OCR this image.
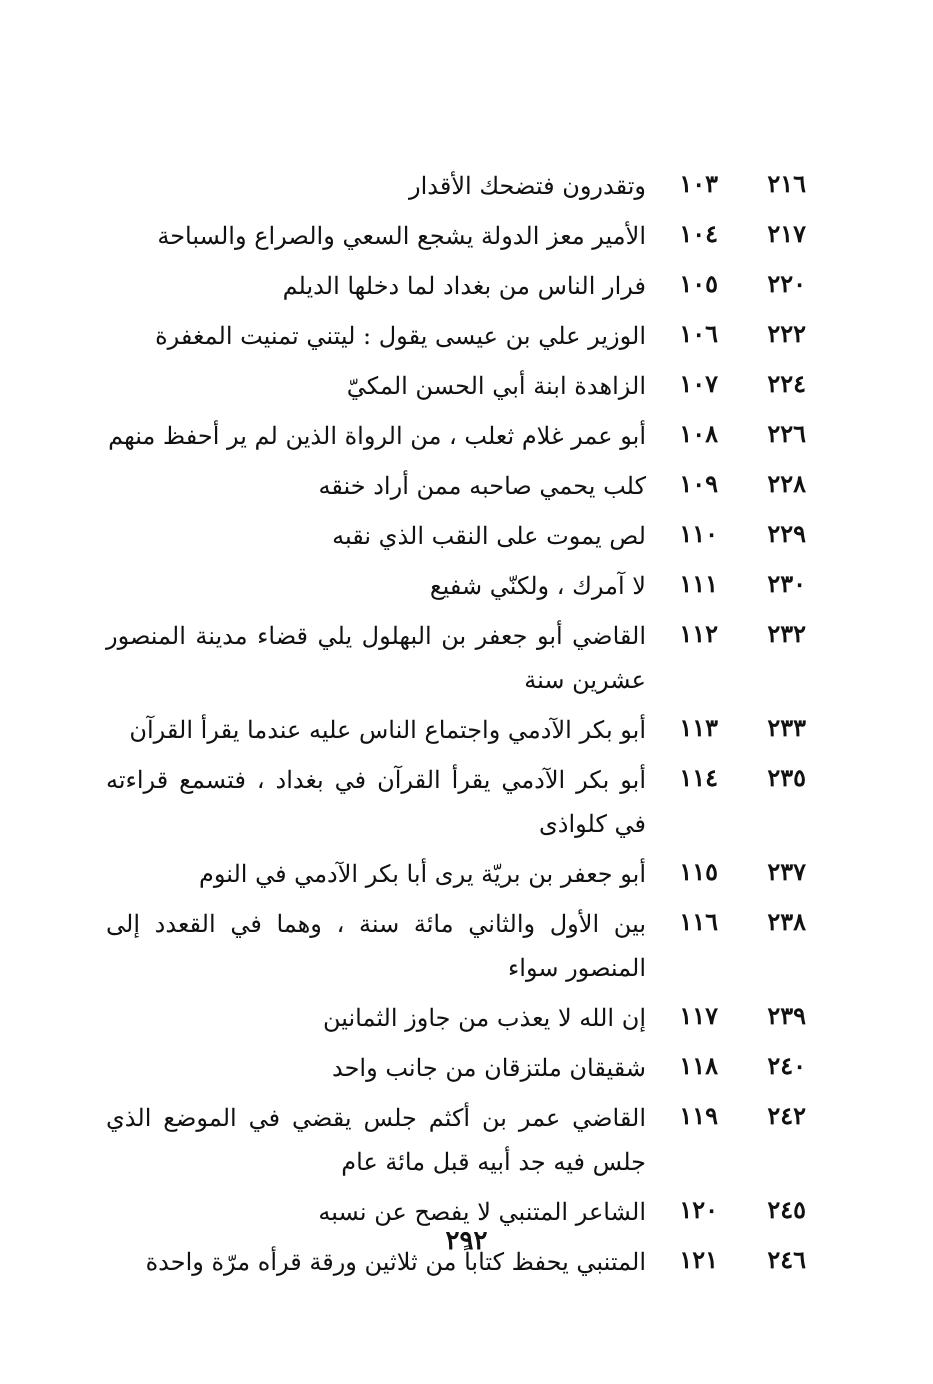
٢١٦
١٠٣
وتقدرون فتضحك الأقدار
٢١٧
١٠٤
الأمير معز الدولة يشجع السعي والصراع والسباحة
٢٢٠
١٠٥
فرار الناس من بغداد لما دخلها الديلم
٢٢٢
١٠٦
الوزير علي بن عيسى يقول : ليتني تمنيت المغفرة
٢٢٤
١٠٧
الزاهدة ابنة أبي الحسن المكيّ
٢٢٦
١٠٨
أبو عمر غلام ثعلب ، من الرواة الذين لم ير أحفظ منهم
٢٢٨
١٠٩
كلب يحمي صاحبه ممن أراد خنقه
٢٢٩
١١٠
لص يموت على النقب الذي نقبه
٢٣٠
١١١
لا آمرك ، ولكنّي شفيع
٢٣٢
١١٢
القاضي أبو جعفر بن البهلول يلي قضاء مدينة المنصور عشرين سنة
٢٣٣
١١٣
أبو بكر الآدمي واجتماع الناس عليه عندما يقرأ القرآن
٢٣٥
١١٤
أبو بكر الآدمي يقرأ القرآن في بغداد ، فتسمع قراءته في كلواذى
٢٣٧
١١٥
أبو جعفر بن بريّة يرى أبا بكر الآدمي في النوم
٢٣٨
١١٦
بين الأول والثاني مائة سنة ، وهما في القعدد إلى المنصور سواء
٢٣٩
١١٧
إن الله لا يعذب من جاوز الثمانين
٢٤٠
١١٨
شقيقان ملتزقان من جانب واحد
٢٤٢
١١٩
القاضي عمر بن أكثم جلس يقضي في الموضع الذي جلس فيه جد أبيه قبل مائة عام
٢٤٥
١٢٠
الشاعر المتنبي لا يفصح عن نسبه
٢٤٦
١٢١
المتنبي يحفظ كتاباً من ثلاثين ورقة قرأه مرّة واحدة
٢٩٢
